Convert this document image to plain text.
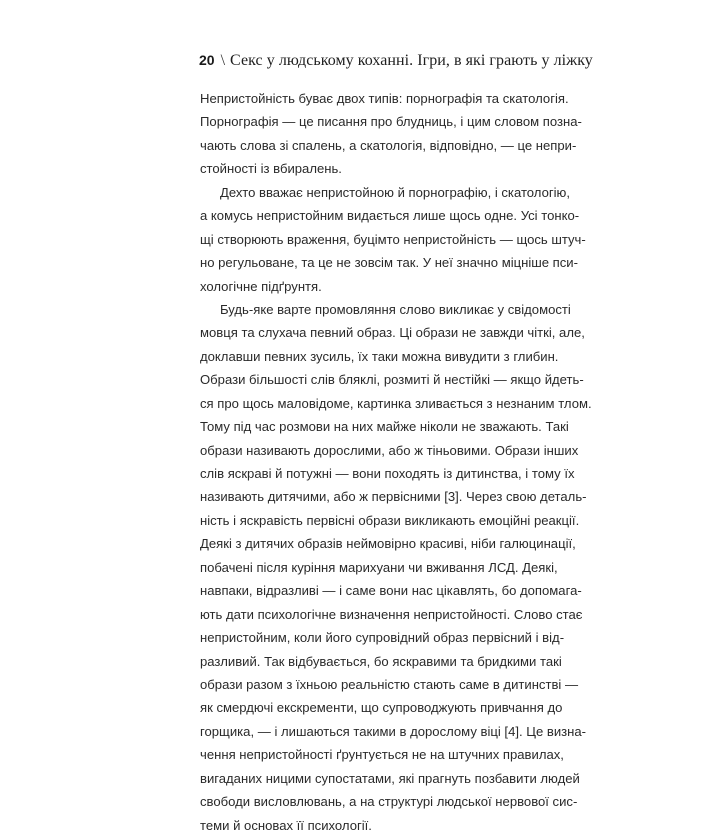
20 \ Секс у людському коханні. Ігри, в які грають у ліжку
Непристойність буває двох типів: порнографія та скатологія.
Порнографія — це писання про блудниць, і цим словом позна-
чають слова зі спалень, а скатологія, відповідно, — це непри-
стойності із вбиралень.
Дехто вважає непристойною й порнографію, і скатологію,
а комусь непристойним видається лише щось одне. Усі тонко-
щі створюють враження, буцімто непристойність — щось штуч-
но регульоване, та це не зовсім так. У неї значно міцніше пси-
хологічне підґрунтя.
Будь-яке варте промовляння слово викликає у свідомості
мовця та слухача певний образ. Ці образи не завжди чіткі, але,
доклавши певних зусиль, їх таки можна вивудити з глибин.
Образи більшості слів бляклі, розмиті й нестійкі — якщо йдеть-
ся про щось маловідоме, картинка зливається з незнаним тлом.
Тому під час розмови на них майже ніколи не зважають. Такі
образи називають дорослими, або ж тіньовими. Образи інших
слів яскраві й потужні — вони походять із дитинства, і тому їх
називають дитячими, або ж первісними [3]. Через свою деталь-
ність і яскравість первісні образи викликають емоційні реакції.
Деякі з дитячих образів неймовірно красиві, ніби галюцинації,
побачені після куріння марихуани чи вживання ЛСД. Деякі,
навпаки, відразливі — і саме вони нас цікавлять, бо допомага-
ють дати психологічне визначення непристойності. Слово стає
непристойним, коли його супровідний образ первісний і від-
разливий. Так відбувається, бо яскравими та бридкими такі
образи разом з їхньою реальністю стають саме в дитинстві —
як смердючі екскременти, що супроводжують привчання до
горщика, — і лишаються такими в дорослому віці [4]. Це визна-
чення непристойності ґрунтується не на штучних правилах,
вигаданих ницими супостатами, які прагнуть позбавити людей
свободи висловлювань, а на структурі людської нервової сис-
теми й основах її психології.
